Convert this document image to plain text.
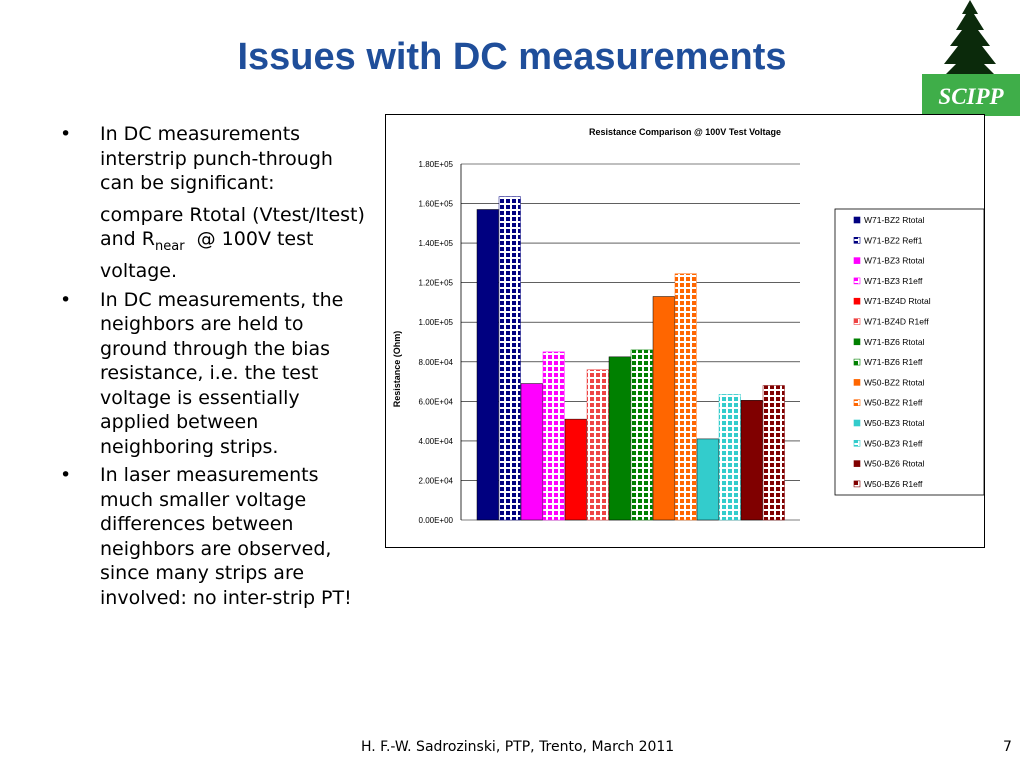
Issues with DC measurements
SCIPP
• In DC measurements interstrip punch-through can be significant:
compare Rtotal (Vtest/Itest) and $R_{near}$  @ 100V test voltage.
• In DC measurements, the neighbors are held to ground through the bias resistance, i.e. the test voltage is essentially applied between neighboring strips.
• In laser measurements much smaller voltage differences between neighbors are observed, since many strips are involved: no inter-strip PT!
Resistance Comparison @ 100V Test Voltage
Resistance (Ohm)
0.00E+00
2.00E+04
4.00E+04
6.00E+04
8.00E+04
1.00E+05
1.20E+05
1.40E+05
1.60E+05
1.80E+05
W71-BZ2 Rtotal
W71-BZ2 Reff1
W71-BZ3 Rtotal
W71-BZ3 R1eff
W71-BZ4D Rtotal
W71-BZ4D R1eff
W71-BZ6 Rtotal
W71-BZ6 R1eff
W50-BZ2 Rtotal
W50-BZ2 R1eff
W50-BZ3 Rtotal
W50-BZ3 R1eff
W50-BZ6 Rtotal
W50-BZ6 R1eff
H. F.-W. Sadrozinski, PTP, Trento, March 2011	7
